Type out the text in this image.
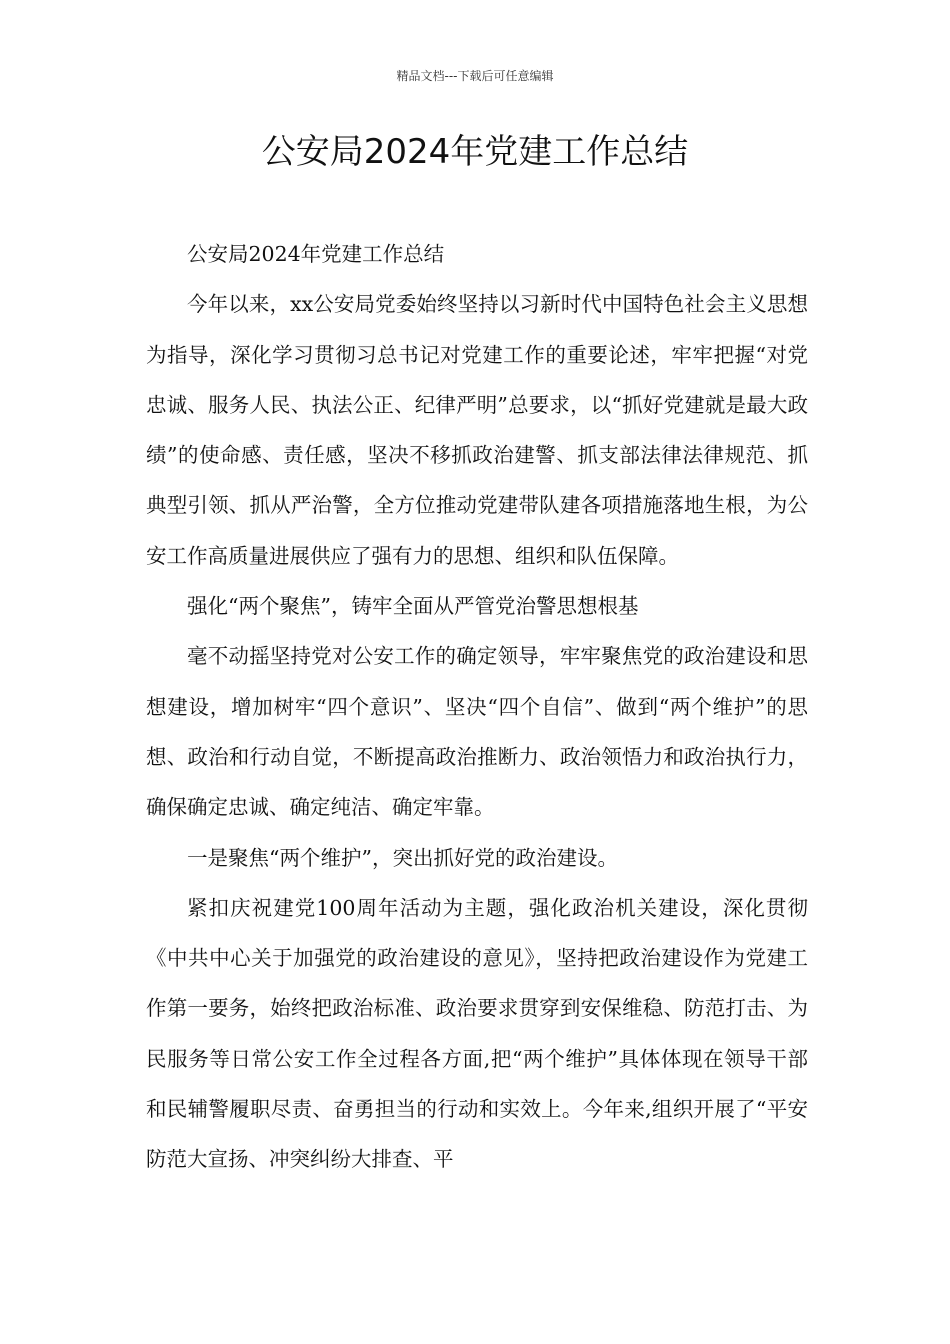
精品文档---下载后可任意编辑
公安局2024年党建工作总结

公安局2024年党建工作总结

今年以来，xx公安局党委始终坚持以习新时代中国特色社会主义思想为指导，深化学习贯彻习总书记对党建工作的重要论述，牢牢把握“对党忠诚、服务人民、执法公正、纪律严明”总要求，以“抓好党建就是最大政绩”的使命感、责任感，坚决不移抓政治建警、抓支部法律法律规范、抓典型引领、抓从严治警，全方位推动党建带队建各项措施落地生根，为公安工作高质量进展供应了强有力的思想、组织和队伍保障。

强化“两个聚焦”，铸牢全面从严管党治警思想根基

毫不动摇坚持党对公安工作的确定领导，牢牢聚焦党的政治建设和思想建设，增加树牢“四个意识”、坚决“四个自信”、做到“两个维护”的思想、政治和行动自觉，不断提高政治推断力、政治领悟力和政治执行力，确保确定忠诚、确定纯洁、确定牢靠。

一是聚焦“两个维护”，突出抓好党的政治建设。

紧扣庆祝建党100周年活动为主题，强化政治机关建设，深化贯彻《中共中心关于加强党的政治建设的意见》，坚持把政治建设作为党建工作第一要务，始终把政治标准、政治要求贯穿到安保维稳、防范打击、为民服务等日常公安工作全过程各方面,把“两个维护”具体体现在领导干部和民辅警履职尽责、奋勇担当的行动和实效上。今年来,组织开展了“平安防范大宣扬、冲突纠纷大排查、平
